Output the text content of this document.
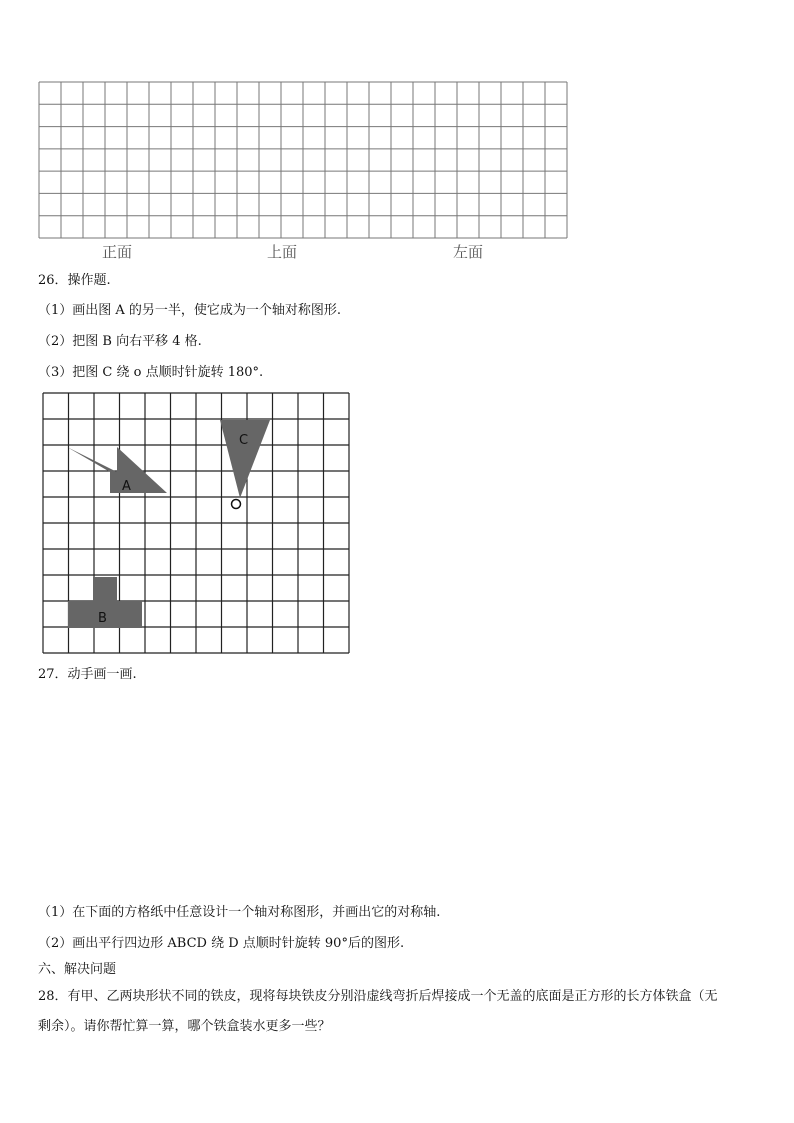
正面	上面	左面
26．操作题.
（1）画出图 A 的另一半，使它成为一个轴对称图形.
（2）把图 B 向右平移 4 格.
（3）把图 C 绕 o 点顺时针旋转 180°.
A
C
B
27．动手画一画.
（1）在下面的方格纸中任意设计一个轴对称图形，并画出它的对称轴.
（2）画出平行四边形 ABCD 绕 D 点顺时针旋转 90°后的图形.
六、解决问题
28．有甲、乙两块形状不同的铁皮，现将每块铁皮分别沿虚线弯折后焊接成一个无盖的底面是正方形的长方体铁盒（无
剩余）。请你帮忙算一算，哪个铁盒装水更多一些？
